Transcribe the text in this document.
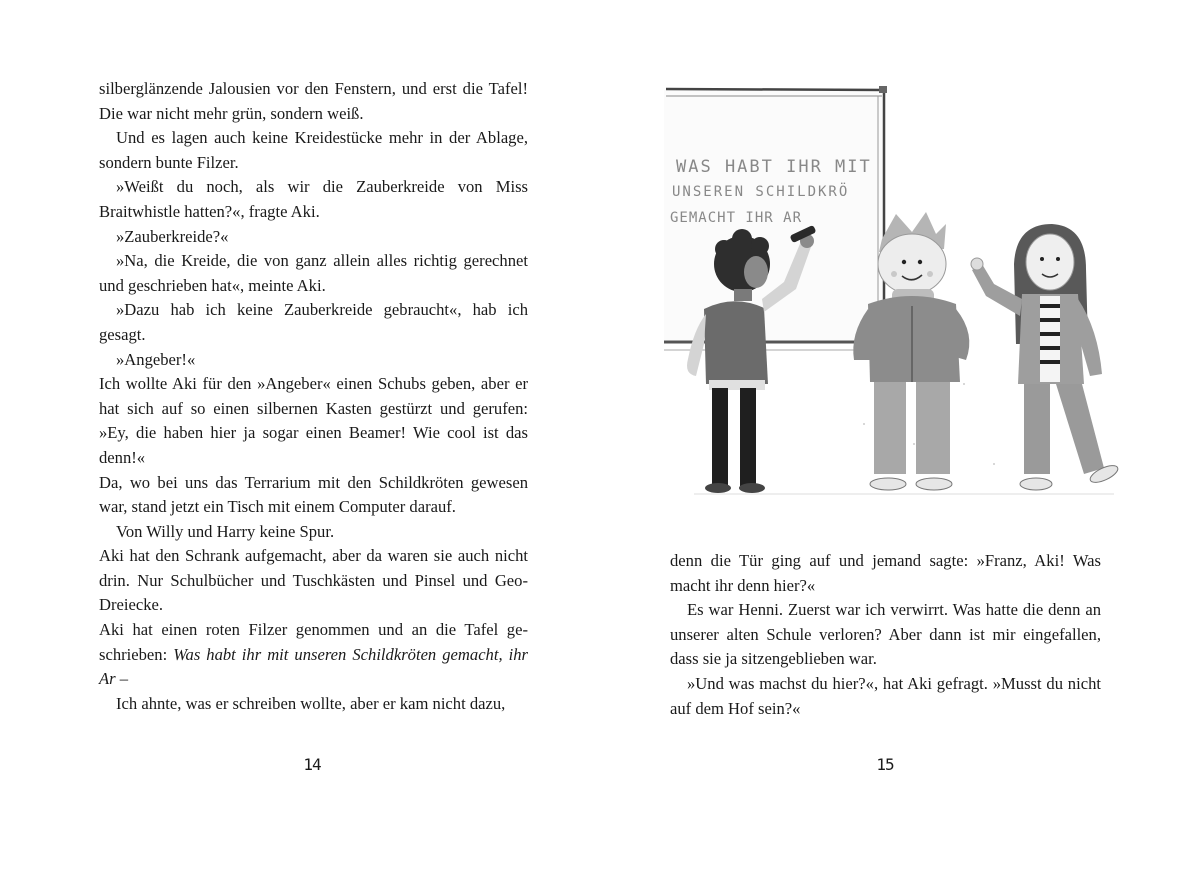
silberglänzende Jalousien vor den Fenstern, und erst die Tafel! Die war nicht mehr grün, sondern weiß.

Und es lagen auch keine Kreidestücke mehr in der Ablage, sondern bunte Filzer.

»Weißt du noch, als wir die Zauberkreide von Miss Braitwhistle hatten?«, fragte Aki.

»Zauberkreide?«

»Na, die Kreide, die von ganz allein alles richtig gerechnet und geschrieben hat«, meinte Aki.

»Dazu hab ich keine Zauberkreide gebraucht«, hab ich gesagt.

»Angeber!«

Ich wollte Aki für den »Angeber« einen Schubs geben, aber er hat sich auf so einen silbernen Kasten gestürzt und gerufen: »Ey, die haben hier ja sogar einen Beamer! Wie cool ist das denn!«

Da, wo bei uns das Terrarium mit den Schildkröten gewesen war, stand jetzt ein Tisch mit einem Computer darauf.

Von Willy und Harry keine Spur.

Aki hat den Schrank aufgemacht, aber da waren sie auch nicht drin. Nur Schulbücher und Tuschkästen und Pinsel und Geo-Dreiecke.

Aki hat einen roten Filzer genommen und an die Tafel geschrieben: Was habt ihr mit unseren Schildkröten gemacht, ihr Ar –

Ich ahnte, was er schreiben wollte, aber er kam nicht dazu,

14
WAS HABT IHR MIT
UNSEREN SCHILDKRÖ
GEMACHT IHR AR

denn die Tür ging auf und jemand sagte: »Franz, Aki! Was macht ihr denn hier?«

Es war Henni. Zuerst war ich verwirrt. Was hatte die denn an unserer alten Schule verloren? Aber dann ist mir eingefallen, dass sie ja sitzengeblieben war.

»Und was machst du hier?«, hat Aki gefragt. »Musst du nicht auf dem Hof sein?«

15
